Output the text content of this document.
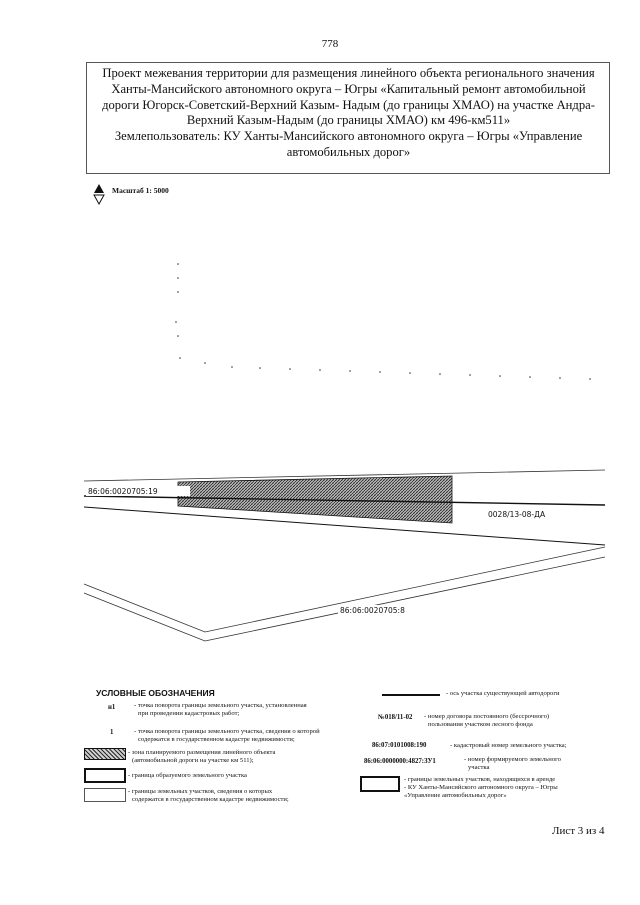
778

Проект межевания территории для размещения линейного объекта регионального значения
Ханты-Мансийского автономного округа – Югры «Капитальный ремонт автомобильной
дороги Югорск-Советский-Верхний Казым- Надым (до границы ХМАО) на участке Андра-
Верхний Казым-Надым (до границы ХМАО) км 496-км511»
Землепользователь: КУ Ханты-Мансийского автономного округа – Югры «Управление
автомобильных дорог»

Масштаб 1: 5000
86:06:0020705:19
0028/13-08-ДА
86:06:0020705:8
УСЛОВНЫЕ ОБОЗНАЧЕНИЯ
н1	- точка поворота границы земельного участка, установленная
при проведении кадастровых работ;

1	- точка поворота границы земельного участка, сведения о которой
содержатся в государственном кадастре недвижимости;

- зона планируемого размещения линейного объекта
(автомобильной дороги на участке км 511);

- граница образуемого земельного участка

- границы земельных участков, сведения о которых
содержатся в государственном кадастре недвижимости;

- ось участка существующей автодороги

№018/11-02 - номер договора постоянного (бессрочного)
пользования участком лесного фонда

86:07:0101008:190	- кадастровый номер земельного участка;

86:06:0000000:4827:ЗУ1	- номер формируемого земельного
участка

- границы земельных участков, находящихся в аренде
- КУ Ханты-Мансийского автономного округа – Югры
«Управление автомобильных дорог»

Лист 3 из 4
